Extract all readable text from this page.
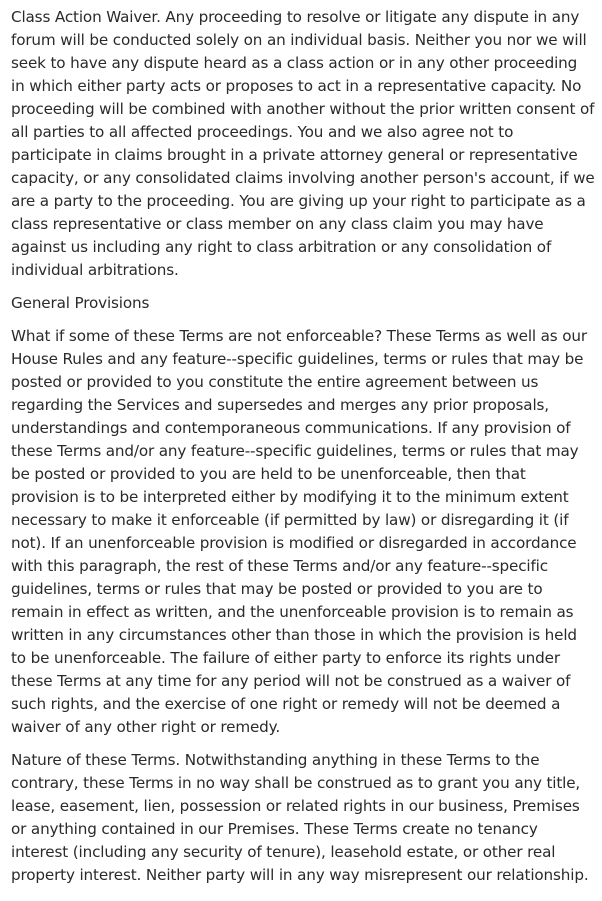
Class Action Waiver. Any proceeding to resolve or litigate any dispute in any forum will be conducted solely on an individual basis. Neither you nor we will seek to have any dispute heard as a class action or in any other proceeding in which either party acts or proposes to act in a representative capacity. No proceeding will be combined with another without the prior written consent of all parties to all affected proceedings. You and we also agree not to participate in claims brought in a private attorney general or representative capacity, or any consolidated claims involving another person's account, if we are a party to the proceeding. You are giving up your right to participate as a class representative or class member on any class claim you may have against us including any right to class arbitration or any consolidation of individual arbitrations.

General Provisions

What if some of these Terms are not enforceable? These Terms as well as our House Rules and any feature--specific guidelines, terms or rules that may be posted or provided to you constitute the entire agreement between us regarding the Services and supersedes and merges any prior proposals, understandings and contemporaneous communications. If any provision of these Terms and/or any feature--specific guidelines, terms or rules that may be posted or provided to you are held to be unenforceable, then that provision is to be interpreted either by modifying it to the minimum extent necessary to make it enforceable (if permitted by law) or disregarding it (if not). If an unenforceable provision is modified or disregarded in accordance with this paragraph, the rest of these Terms and/or any feature--specific guidelines, terms or rules that may be posted or provided to you are to remain in effect as written, and the unenforceable provision is to remain as written in any circumstances other than those in which the provision is held to be unenforceable. The failure of either party to enforce its rights under these Terms at any time for any period will not be construed as a waiver of such rights, and the exercise of one right or remedy will not be deemed a waiver of any other right or remedy.

Nature of these Terms. Notwithstanding anything in these Terms to the contrary, these Terms in no way shall be construed as to grant you any title, lease, easement, lien, possession or related rights in our business, Premises or anything contained in our Premises. These Terms create no tenancy interest (including any security of tenure), leasehold estate, or other real property interest. Neither party will in any way misrepresent our relationship.
